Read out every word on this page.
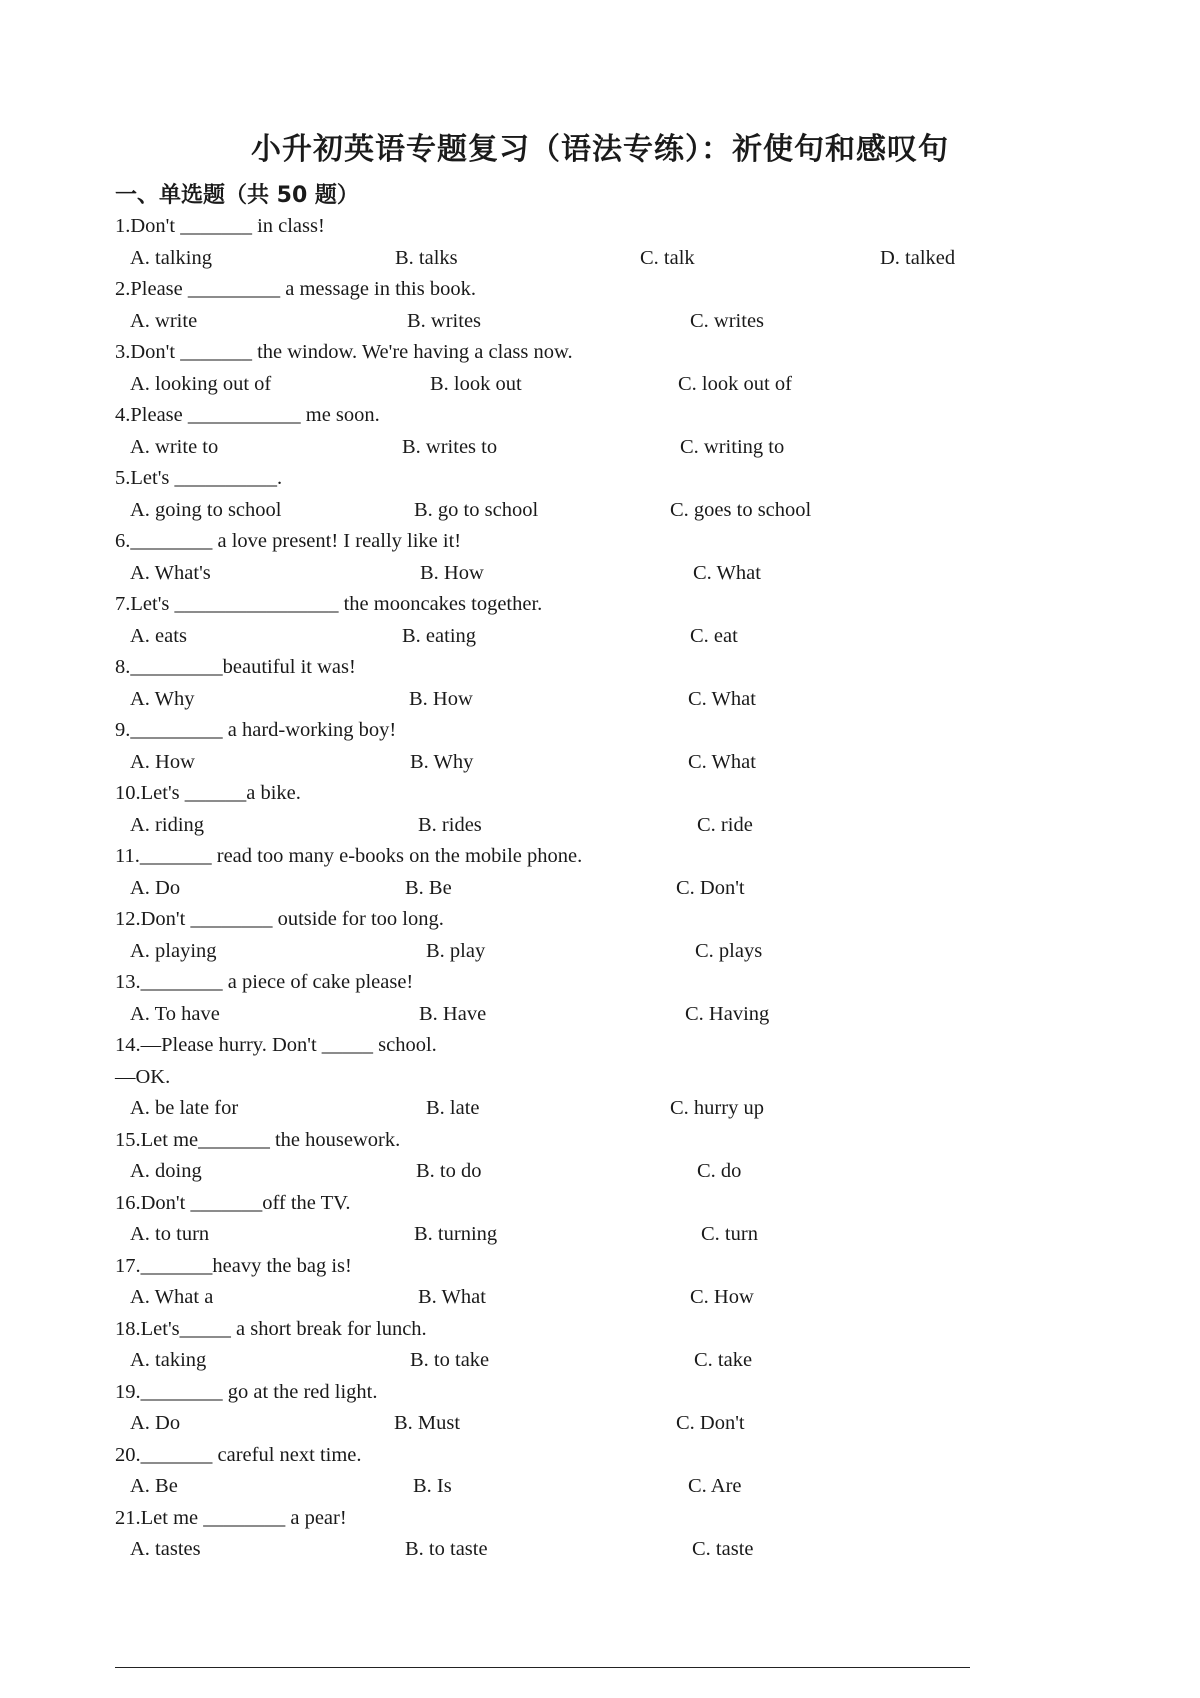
小升初英语专题复习（语法专练）：祈使句和感叹句
一、单选题（共 50 题）
1.Don't _______ in class!
A. talking	B. talks	C. talk	D. talked
2.Please _________ a message in this book.
A. write	B. writes	C. writes
3.Don't _______ the window. We're having a class now.
A. looking out of	B. look out	C. look out of
4.Please ___________ me soon.
A. write to	B. writes to	C. writing to
5.Let's __________.
A. going to school	B. go to school	C. goes to school
6.________ a love present! I really like it!
A. What's	B. How	C. What
7.Let's ________________ the mooncakes together.
A. eats	B. eating	C. eat
8._________beautiful it was!
A. Why	B. How	C. What
9._________ a hard-working boy!
A. How	B. Why	C. What
10.Let's ______a bike.
A. riding	B. rides	C. ride
11._______ read too many e-books on the mobile phone.
A. Do	B. Be	C. Don't
12.Don't ________ outside for too long.
A. playing	B. play	C. plays
13.________ a piece of cake please!
A. To have	B. Have	C. Having
14.—Please hurry. Don't _____ school.
—OK.
A. be late for	B. late	C. hurry up
15.Let me_______ the housework.
A. doing	B. to do	C. do
16.Don't _______off the TV.
A. to turn	B. turning	C. turn
17._______heavy the bag is!
A. What a	B. What	C. How
18.Let's_____ a short break for lunch.
A. taking	B. to take	C. take
19.________ go at the red light.
A. Do	B. Must	C. Don't
20._______ careful next time.
A. Be	B. Is	C. Are
21.Let me ________ a pear!
A. tastes	B. to taste	C. taste
